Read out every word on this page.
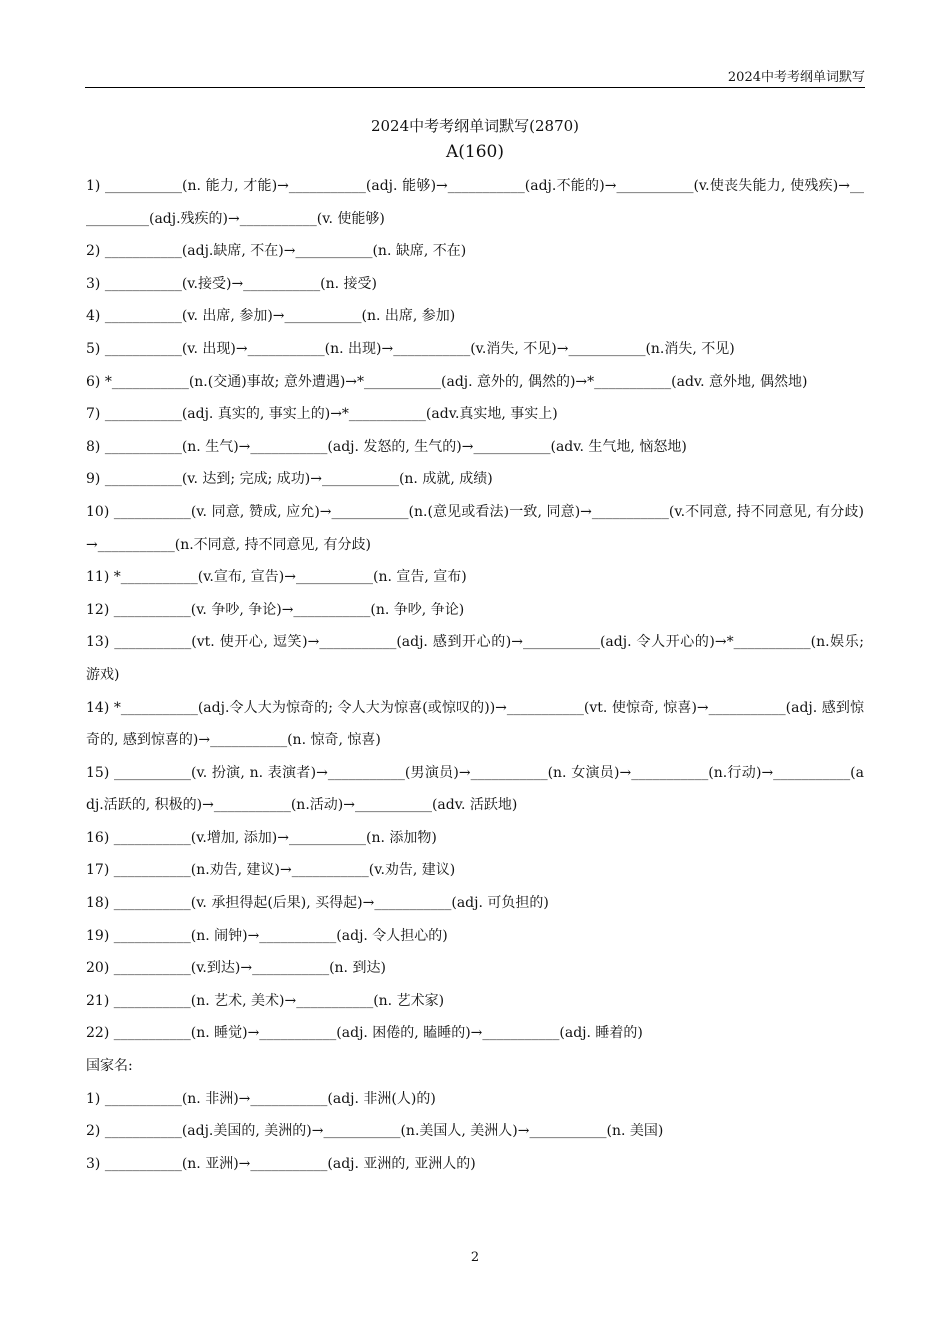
2024中考考纲单词默写

2024中考考纲单词默写(2870)

A(160)

1) ___________(n. 能力, 才能)→___________(adj. 能够)→___________(adj.不能的)→___________(v.使丧失能力, 使残疾)→___________(adj.残疾的)→___________(v. 使能够)

2) ___________(adj.缺席, 不在)→___________(n. 缺席, 不在)

3) ___________(v.接受)→___________(n. 接受)

4) ___________(v. 出席, 参加)→___________(n. 出席, 参加)

5) ___________(v. 出现)→___________(n. 出现)→___________(v.消失, 不见)→___________(n.消失, 不见)

6) *___________(n.(交通)事故; 意外遭遇)→*___________(adj. 意外的, 偶然的)→*___________(adv. 意外地, 偶然地)

7) ___________(adj. 真实的, 事实上的)→*___________(adv.真实地, 事实上)

8) ___________(n. 生气)→___________(adj. 发怒的, 生气的)→___________(adv. 生气地, 恼怒地)

9) ___________(v. 达到; 完成; 成功)→___________(n. 成就, 成绩)

10) ___________(v. 同意, 赞成, 应允)→___________(n.(意见或看法)一致, 同意)→___________(v.不同意, 持不同意见, 有分歧)→___________(n.不同意, 持不同意见, 有分歧)

11) *___________(v.宣布, 宣告)→___________(n. 宣告, 宣布)

12) ___________(v. 争吵, 争论)→___________(n. 争吵, 争论)

13) ___________(vt. 使开心, 逗笑)→___________(adj. 感到开心的)→___________(adj. 令人开心的)→*___________(n.娱乐; 游戏)

14) *___________(adj.令人大为惊奇的; 令人大为惊喜(或惊叹的))→___________(vt. 使惊奇, 惊喜)→___________(adj. 感到惊奇的, 感到惊喜的)→___________(n. 惊奇, 惊喜)

15) ___________(v. 扮演, n. 表演者)→___________(男演员)→___________(n. 女演员)→___________(n.行动)→___________(adj.活跃的, 积极的)→___________(n.活动)→___________(adv. 活跃地)

16) ___________(v.增加, 添加)→___________(n. 添加物)

17) ___________(n.劝告, 建议)→___________(v.劝告, 建议)

18) ___________(v. 承担得起(后果), 买得起)→___________(adj. 可负担的)

19) ___________(n. 闹钟)→___________(adj. 令人担心的)

20) ___________(v.到达)→___________(n. 到达)

21) ___________(n. 艺术, 美术)→___________(n. 艺术家)

22) ___________(n. 睡觉)→___________(adj. 困倦的, 瞌睡的)→___________(adj. 睡着的)

国家名:

1) ___________(n. 非洲)→___________(adj. 非洲(人)的)

2) ___________(adj.美国的, 美洲的)→___________(n.美国人, 美洲人)→___________(n. 美国)

3) ___________(n. 亚洲)→___________(adj. 亚洲的, 亚洲人的)

2
